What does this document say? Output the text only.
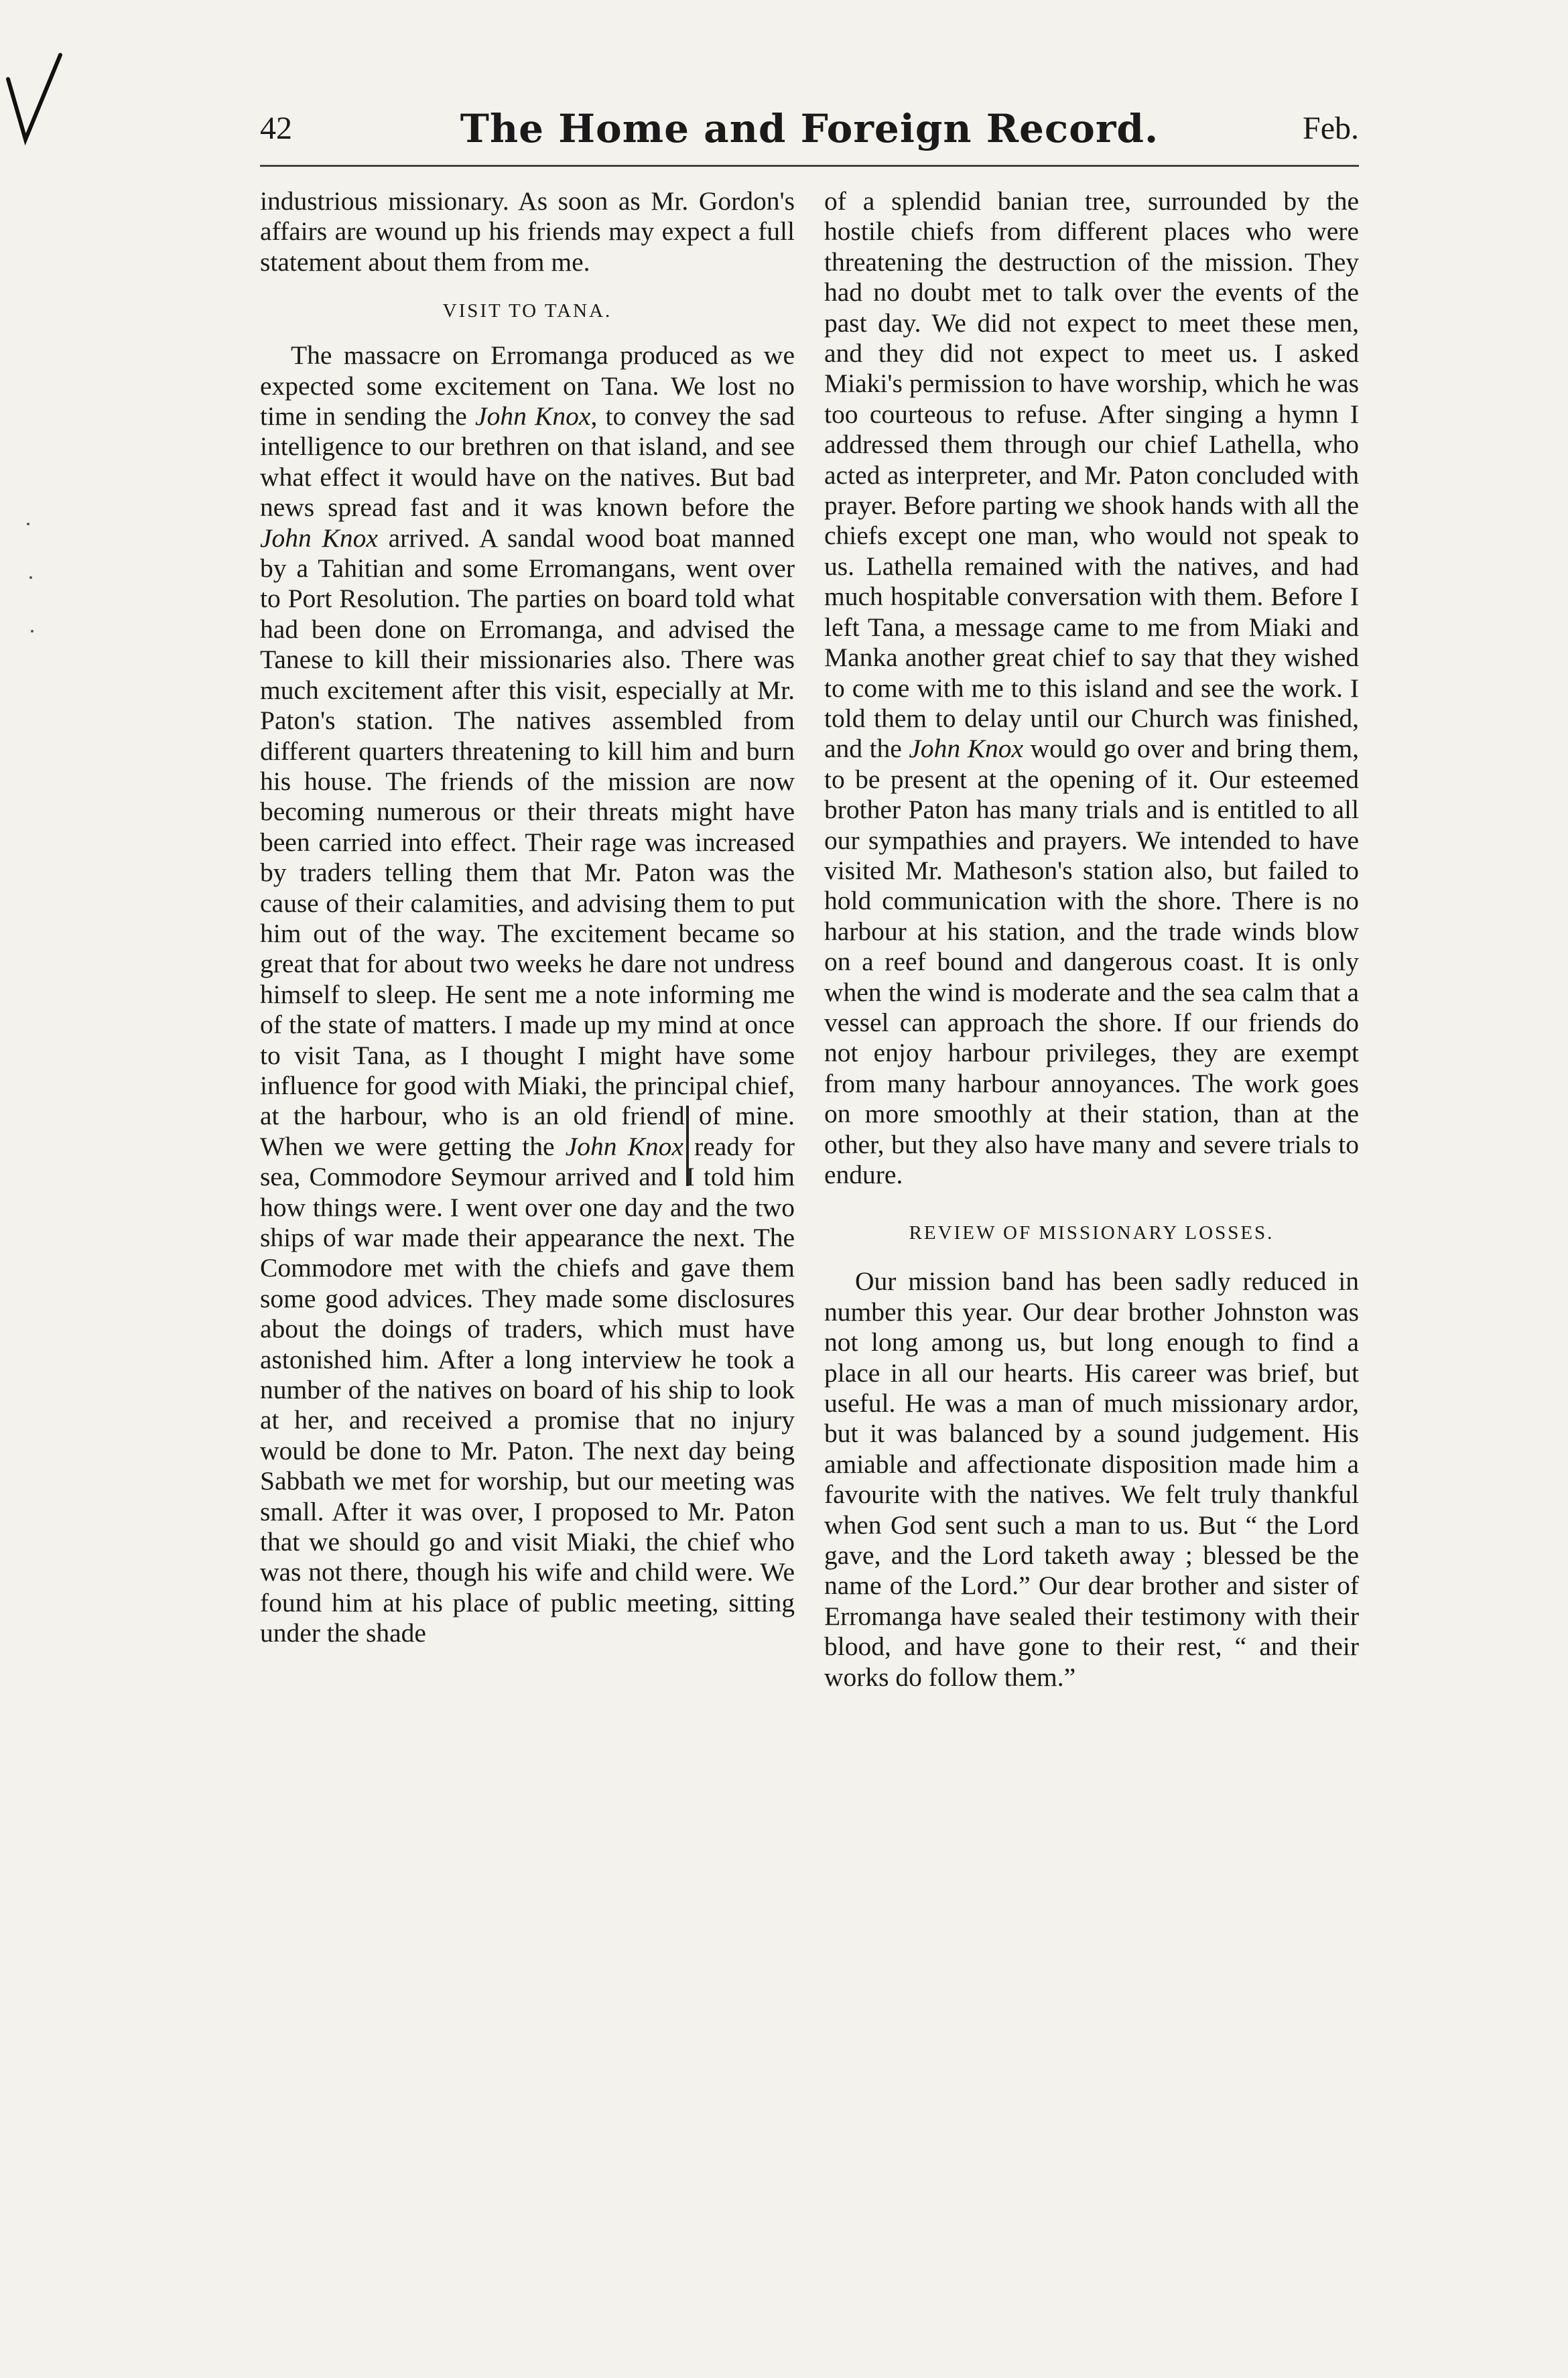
42	The Home and Foreign Record.	Feb.

industrious missionary. As soon as Mr. Gordon's affairs are wound up his friends may expect a full statement about them from me.

VISIT TO TANA.

The massacre on Erromanga produced as we expected some excitement on Tana. We lost no time in sending the John Knox, to convey the sad intelligence to our brethren on that island, and see what effect it would have on the natives. But bad news spread fast and it was known before the John Knox arrived. A sandal wood boat manned by a Tahitian and some Erromangans, went over to Port Resolution. The parties on board told what had been done on Erromanga, and advised the Tanese to kill their missionaries also. There was much excitement after this visit, especially at Mr. Paton's station. The natives assembled from different quarters threatening to kill him and burn his house. The friends of the mission are now becoming numerous or their threats might have been carried into effect. Their rage was increased by traders telling them that Mr. Paton was the cause of their calamities, and advising them to put him out of the way. The excitement became so great that for about two weeks he dare not undress himself to sleep. He sent me a note informing me of the state of matters. I made up my mind at once to visit Tana, as I thought I might have some influence for good with Miaki, the principal chief, at the harbour, who is an old friend of mine. When we were getting the John Knox ready for sea, Commodore Seymour arrived and I told him how things were. I went over one day and the two ships of war made their appearance the next. The Commodore met with the chiefs and gave them some good advices. They made some disclosures about the doings of traders, which must have astonished him. After a long interview he took a number of the natives on board of his ship to look at her, and received a promise that no injury would be done to Mr. Paton. The next day being Sabbath we met for worship, but our meeting was small. After it was over, I proposed to Mr. Paton that we should go and visit Miaki, the chief who was not there, though his wife and child were. We found him at his place of public meeting, sitting under the shade

of a splendid banian tree, surrounded by the hostile chiefs from different places who were threatening the destruction of the mission. They had no doubt met to talk over the events of the past day. We did not expect to meet these men, and they did not expect to meet us. I asked Miaki's permission to have worship, which he was too courteous to refuse. After singing a hymn I addressed them through our chief Lathella, who acted as interpreter, and Mr. Paton concluded with prayer. Before parting we shook hands with all the chiefs except one man, who would not speak to us. Lathella remained with the natives, and had much hospitable conversation with them. Before I left Tana, a message came to me from Miaki and Manka another great chief to say that they wished to come with me to this island and see the work. I told them to delay until our Church was finished, and the John Knox would go over and bring them, to be present at the opening of it. Our esteemed brother Paton has many trials and is entitled to all our sympathies and prayers. We intended to have visited Mr. Matheson's station also, but failed to hold communication with the shore. There is no harbour at his station, and the trade winds blow on a reef bound and dangerous coast. It is only when the wind is moderate and the sea calm that a vessel can approach the shore. If our friends do not enjoy harbour privileges, they are exempt from many harbour annoyances. The work goes on more smoothly at their station, than at the other, but they also have many and severe trials to endure.

REVIEW OF MISSIONARY LOSSES.

Our mission band has been sadly reduced in number this year. Our dear brother Johnston was not long among us, but long enough to find a place in all our hearts. His career was brief, but useful. He was a man of much missionary ardor, but it was balanced by a sound judgement. His amiable and affectionate disposition made him a favourite with the natives. We felt truly thankful when God sent such a man to us. But “ the Lord gave, and the Lord taketh away ; blessed be the name of the Lord.” Our dear brother and sister of Erromanga have sealed their testimony with their blood, and have gone to their rest, “ and their works do follow them.”
